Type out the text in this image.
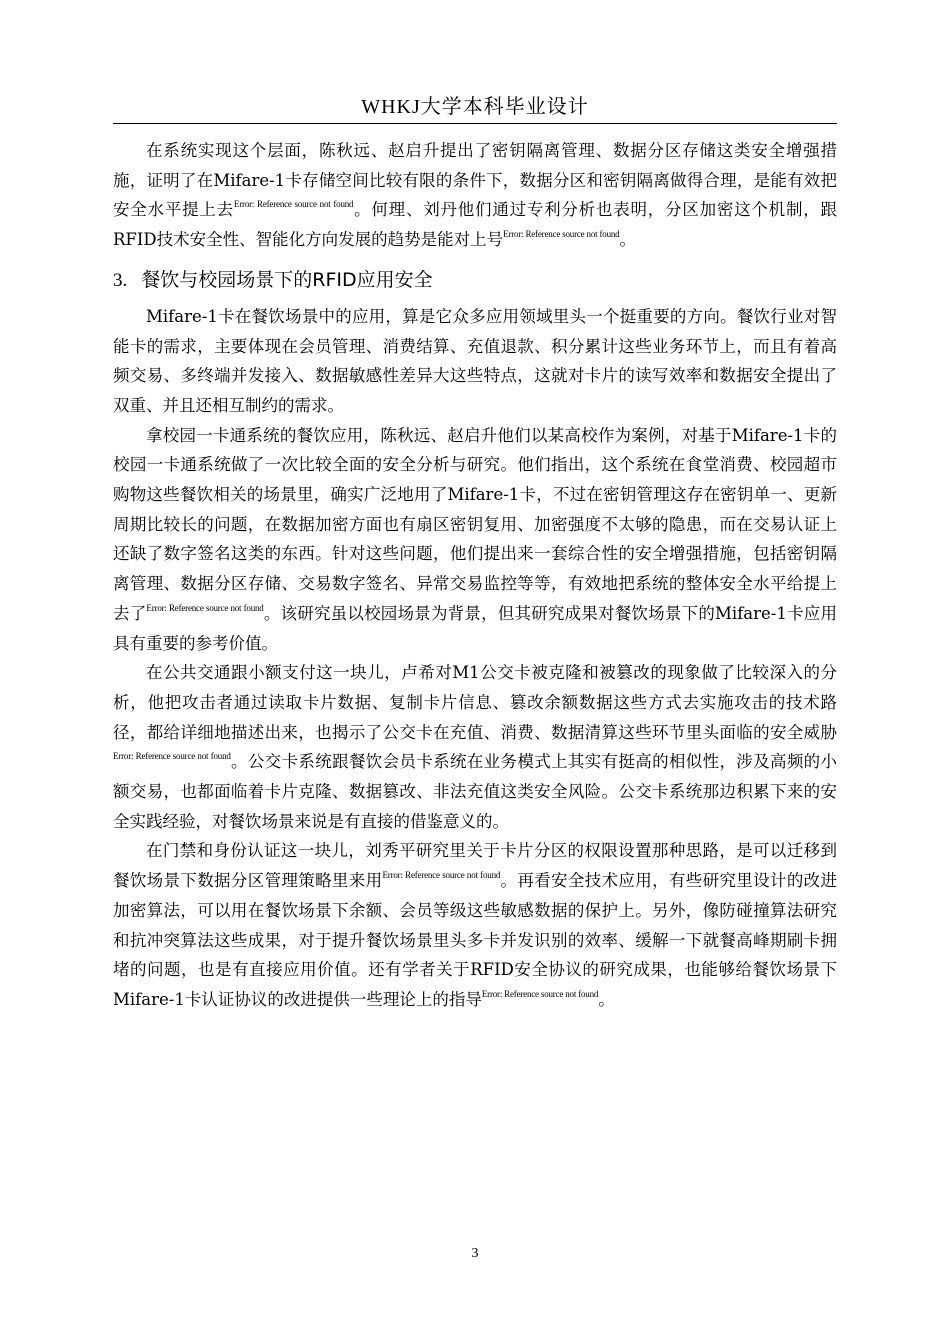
WHKJ大学本科毕业设计

在系统实现这个层面，陈秋远、赵启升提出了密钥隔离管理、数据分区存储这类安全增强措施，证明了在Mifare-1卡存储空间比较有限的条件下，数据分区和密钥隔离做得合理，是能有效把安全水平提上去$^{Error: Reference source not found}$。何理、刘丹他们通过专利分析也表明，分区加密这个机制，跟RFID技术安全性、智能化方向发展的趋势是能对上号$^{Error: Reference source not found}$。

3. 餐饮与校园场景下的RFID应用安全

Mifare-1卡在餐饮场景中的应用，算是它众多应用领域里头一个挺重要的方向。餐饮行业对智能卡的需求，主要体现在会员管理、消费结算、充值退款、积分累计这些业务环节上，而且有着高频交易、多终端并发接入、数据敏感性差异大这些特点，这就对卡片的读写效率和数据安全提出了双重、并且还相互制约的需求。

拿校园一卡通系统的餐饮应用，陈秋远、赵启升他们以某高校作为案例，对基于Mifare-1卡的校园一卡通系统做了一次比较全面的安全分析与研究。他们指出，这个系统在食堂消费、校园超市购物这些餐饮相关的场景里，确实广泛地用了Mifare-1卡，不过在密钥管理这存在密钥单一、更新周期比较长的问题，在数据加密方面也有扇区密钥复用、加密强度不太够的隐患，而在交易认证上还缺了数字签名这类的东西。针对这些问题，他们提出来一套综合性的安全增强措施，包括密钥隔离管理、数据分区存储、交易数字签名、异常交易监控等等，有效地把系统的整体安全水平给提上去了$^{Error: Reference source not found}$。该研究虽以校园场景为背景，但其研究成果对餐饮场景下的Mifare-1卡应用具有重要的参考价值。

在公共交通跟小额支付这一块儿，卢希对M1公交卡被克隆和被篡改的现象做了比较深入的分析，他把攻击者通过读取卡片数据、复制卡片信息、篡改余额数据这些方式去实施攻击的技术路径，都给详细地描述出来，也揭示了公交卡在充值、消费、数据清算这些环节里头面临的安全威胁$^{Error: Reference source not found}$。公交卡系统跟餐饮会员卡系统在业务模式上其实有挺高的相似性，涉及高频的小额交易，也都面临着卡片克隆、数据篡改、非法充值这类安全风险。公交卡系统那边积累下来的安全实践经验，对餐饮场景来说是有直接的借鉴意义的。

在门禁和身份认证这一块儿，刘秀平研究里关于卡片分区的权限设置那种思路，是可以迁移到餐饮场景下数据分区管理策略里来用$^{Error: Reference source not found}$。再看安全技术应用，有些研究里设计的改进加密算法，可以用在餐饮场景下余额、会员等级这些敏感数据的保护上。另外，像防碰撞算法研究和抗冲突算法这些成果，对于提升餐饮场景里头多卡并发识别的效率、缓解一下就餐高峰期刷卡拥堵的问题，也是有直接应用价值。还有学者关于RFID安全协议的研究成果，也能够给餐饮场景下Mifare-1卡认证协议的改进提供一些理论上的指导$^{Error: Reference source not found}$。

3
